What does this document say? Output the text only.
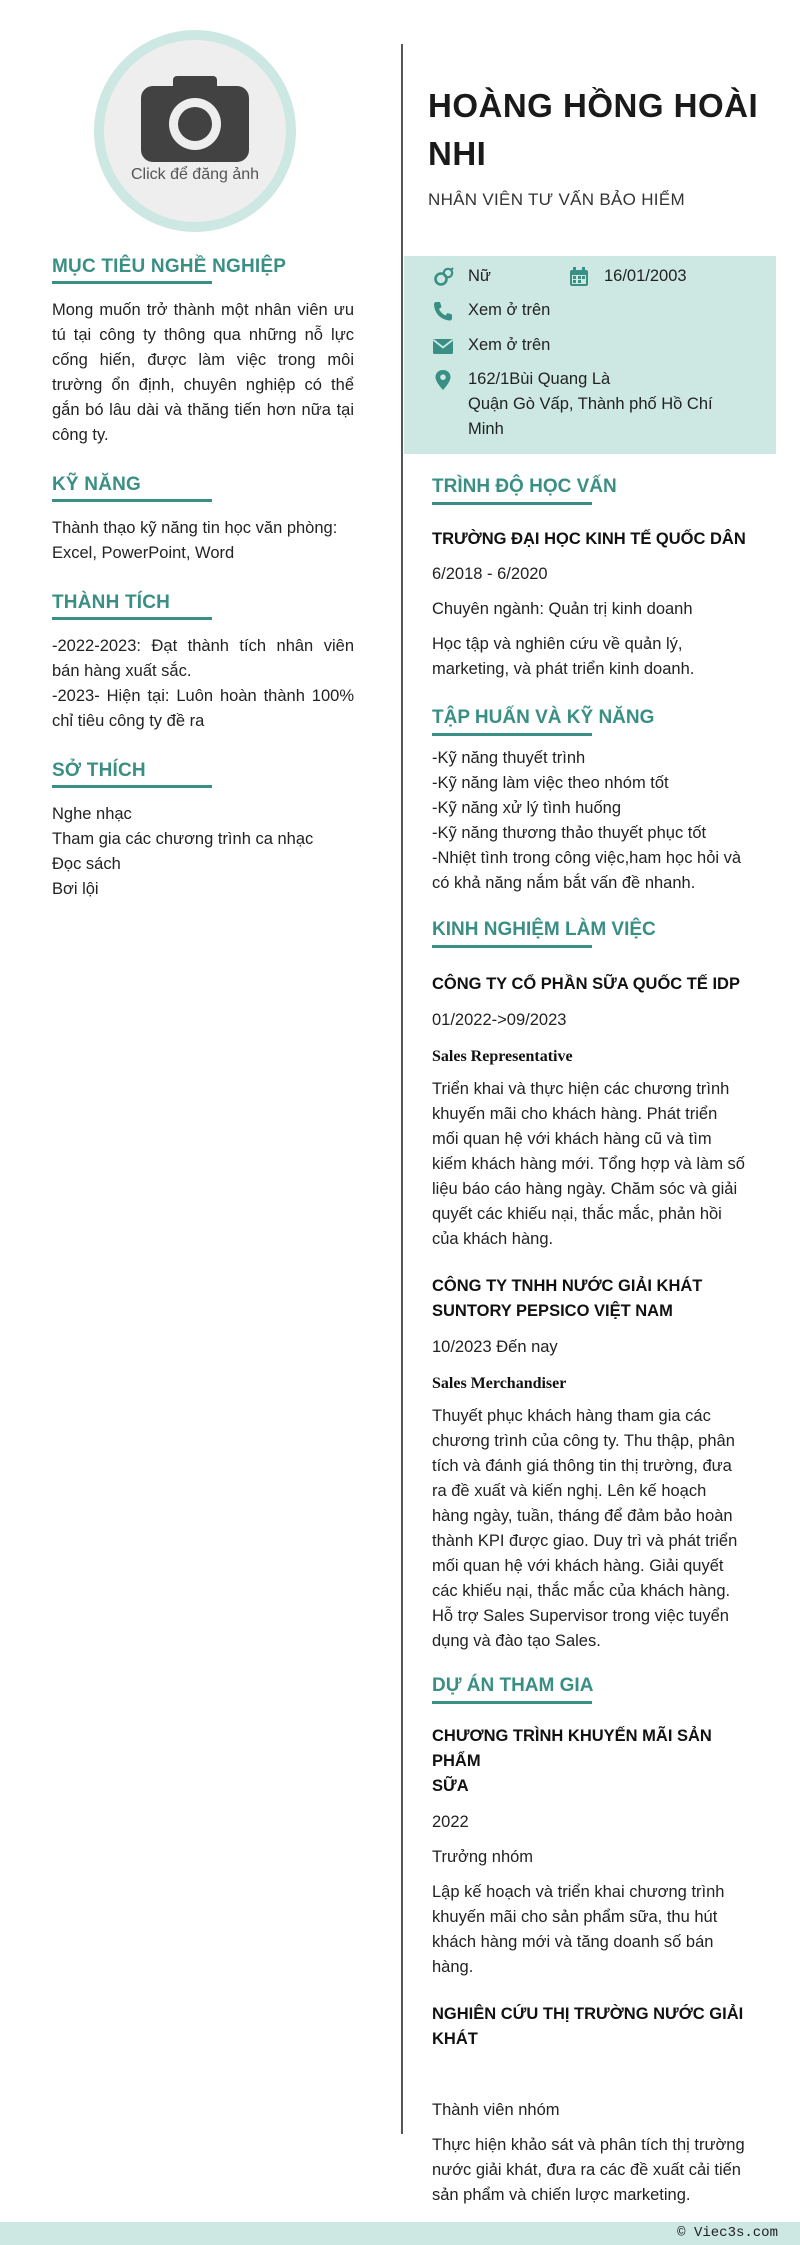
Click để đăng ảnh
MỤC TIÊU NGHỀ NGHIỆP
Mong muốn trở thành một nhân viên ưu tú tại công ty thông qua những nỗ lực cống hiến, được làm việc trong môi trường ổn định, chuyên nghiệp có thể gắn bó lâu dài và thăng tiến hơn nữa tại công ty.
KỸ NĂNG
Thành thạo kỹ năng tin học văn phòng:
Excel, PowerPoint, Word
THÀNH TÍCH
-2022-2023: Đạt thành tích nhân viên bán hàng xuất sắc.
-2023- Hiện tại: Luôn hoàn thành 100% chỉ tiêu công ty đề ra
SỞ THÍCH
Nghe nhạc
Tham gia các chương trình ca nhạc
Đọc sách
Bơi lội
HOÀNG HỒNG HOÀI
NHI
NHÂN VIÊN TƯ VẤN BẢO HIỂM
Nữ	16/01/2003
Xem ở trên
Xem ở trên
162/1Bùi Quang Là
Quận Gò Vấp, Thành phố Hồ Chí
Minh
TRÌNH ĐỘ HỌC VẤN
TRƯỜNG ĐẠI HỌC KINH TẾ QUỐC DÂN
6/2018 - 6/2020
Chuyên ngành: Quản trị kinh doanh
Học tập và nghiên cứu về quản lý,
marketing, và phát triển kinh doanh.
TẬP HUẤN VÀ KỸ NĂNG
-Kỹ năng thuyết trình
-Kỹ năng làm việc theo nhóm tốt
-Kỹ năng xử lý tình huống
-Kỹ năng thương thảo thuyết phục tốt
-Nhiệt tình trong công việc,ham học hỏi và
có khả năng nắm bắt vấn đề nhanh.
KINH NGHIỆM LÀM VIỆC
CÔNG TY CỔ PHẦN SỮA QUỐC TẾ IDP
01/2022->09/2023
Sales Representative
Triển khai và thực hiện các chương trình
khuyến mãi cho khách hàng. Phát triển
mối quan hệ với khách hàng cũ và tìm
kiếm khách hàng mới. Tổng hợp và làm số
liệu báo cáo hàng ngày. Chăm sóc và giải
quyết các khiếu nại, thắc mắc, phản hồi
của khách hàng.
CÔNG TY TNHH NƯỚC GIẢI KHÁT
SUNTORY PEPSICO VIỆT NAM
10/2023 Đến nay
Sales Merchandiser
Thuyết phục khách hàng tham gia các
chương trình của công ty. Thu thập, phân
tích và đánh giá thông tin thị trường, đưa
ra đề xuất và kiến nghị. Lên kế hoạch
hàng ngày, tuần, tháng để đảm bảo hoàn
thành KPI được giao. Duy trì và phát triển
mối quan hệ với khách hàng. Giải quyết
các khiếu nại, thắc mắc của khách hàng.
Hỗ trợ Sales Supervisor trong việc tuyển
dụng và đào tạo Sales.
DỰ ÁN THAM GIA
CHƯƠNG TRÌNH KHUYẾN MÃI SẢN PHẨM
SỮA
2022
Trưởng nhóm
Lập kế hoạch và triển khai chương trình
khuyến mãi cho sản phẩm sữa, thu hút
khách hàng mới và tăng doanh số bán
hàng.
NGHIÊN CỨU THỊ TRƯỜNG NƯỚC GIẢI
KHÁT
Thành viên nhóm
Thực hiện khảo sát và phân tích thị trường
nước giải khát, đưa ra các đề xuất cải tiến
sản phẩm và chiến lược marketing.
© Viec3s.com
